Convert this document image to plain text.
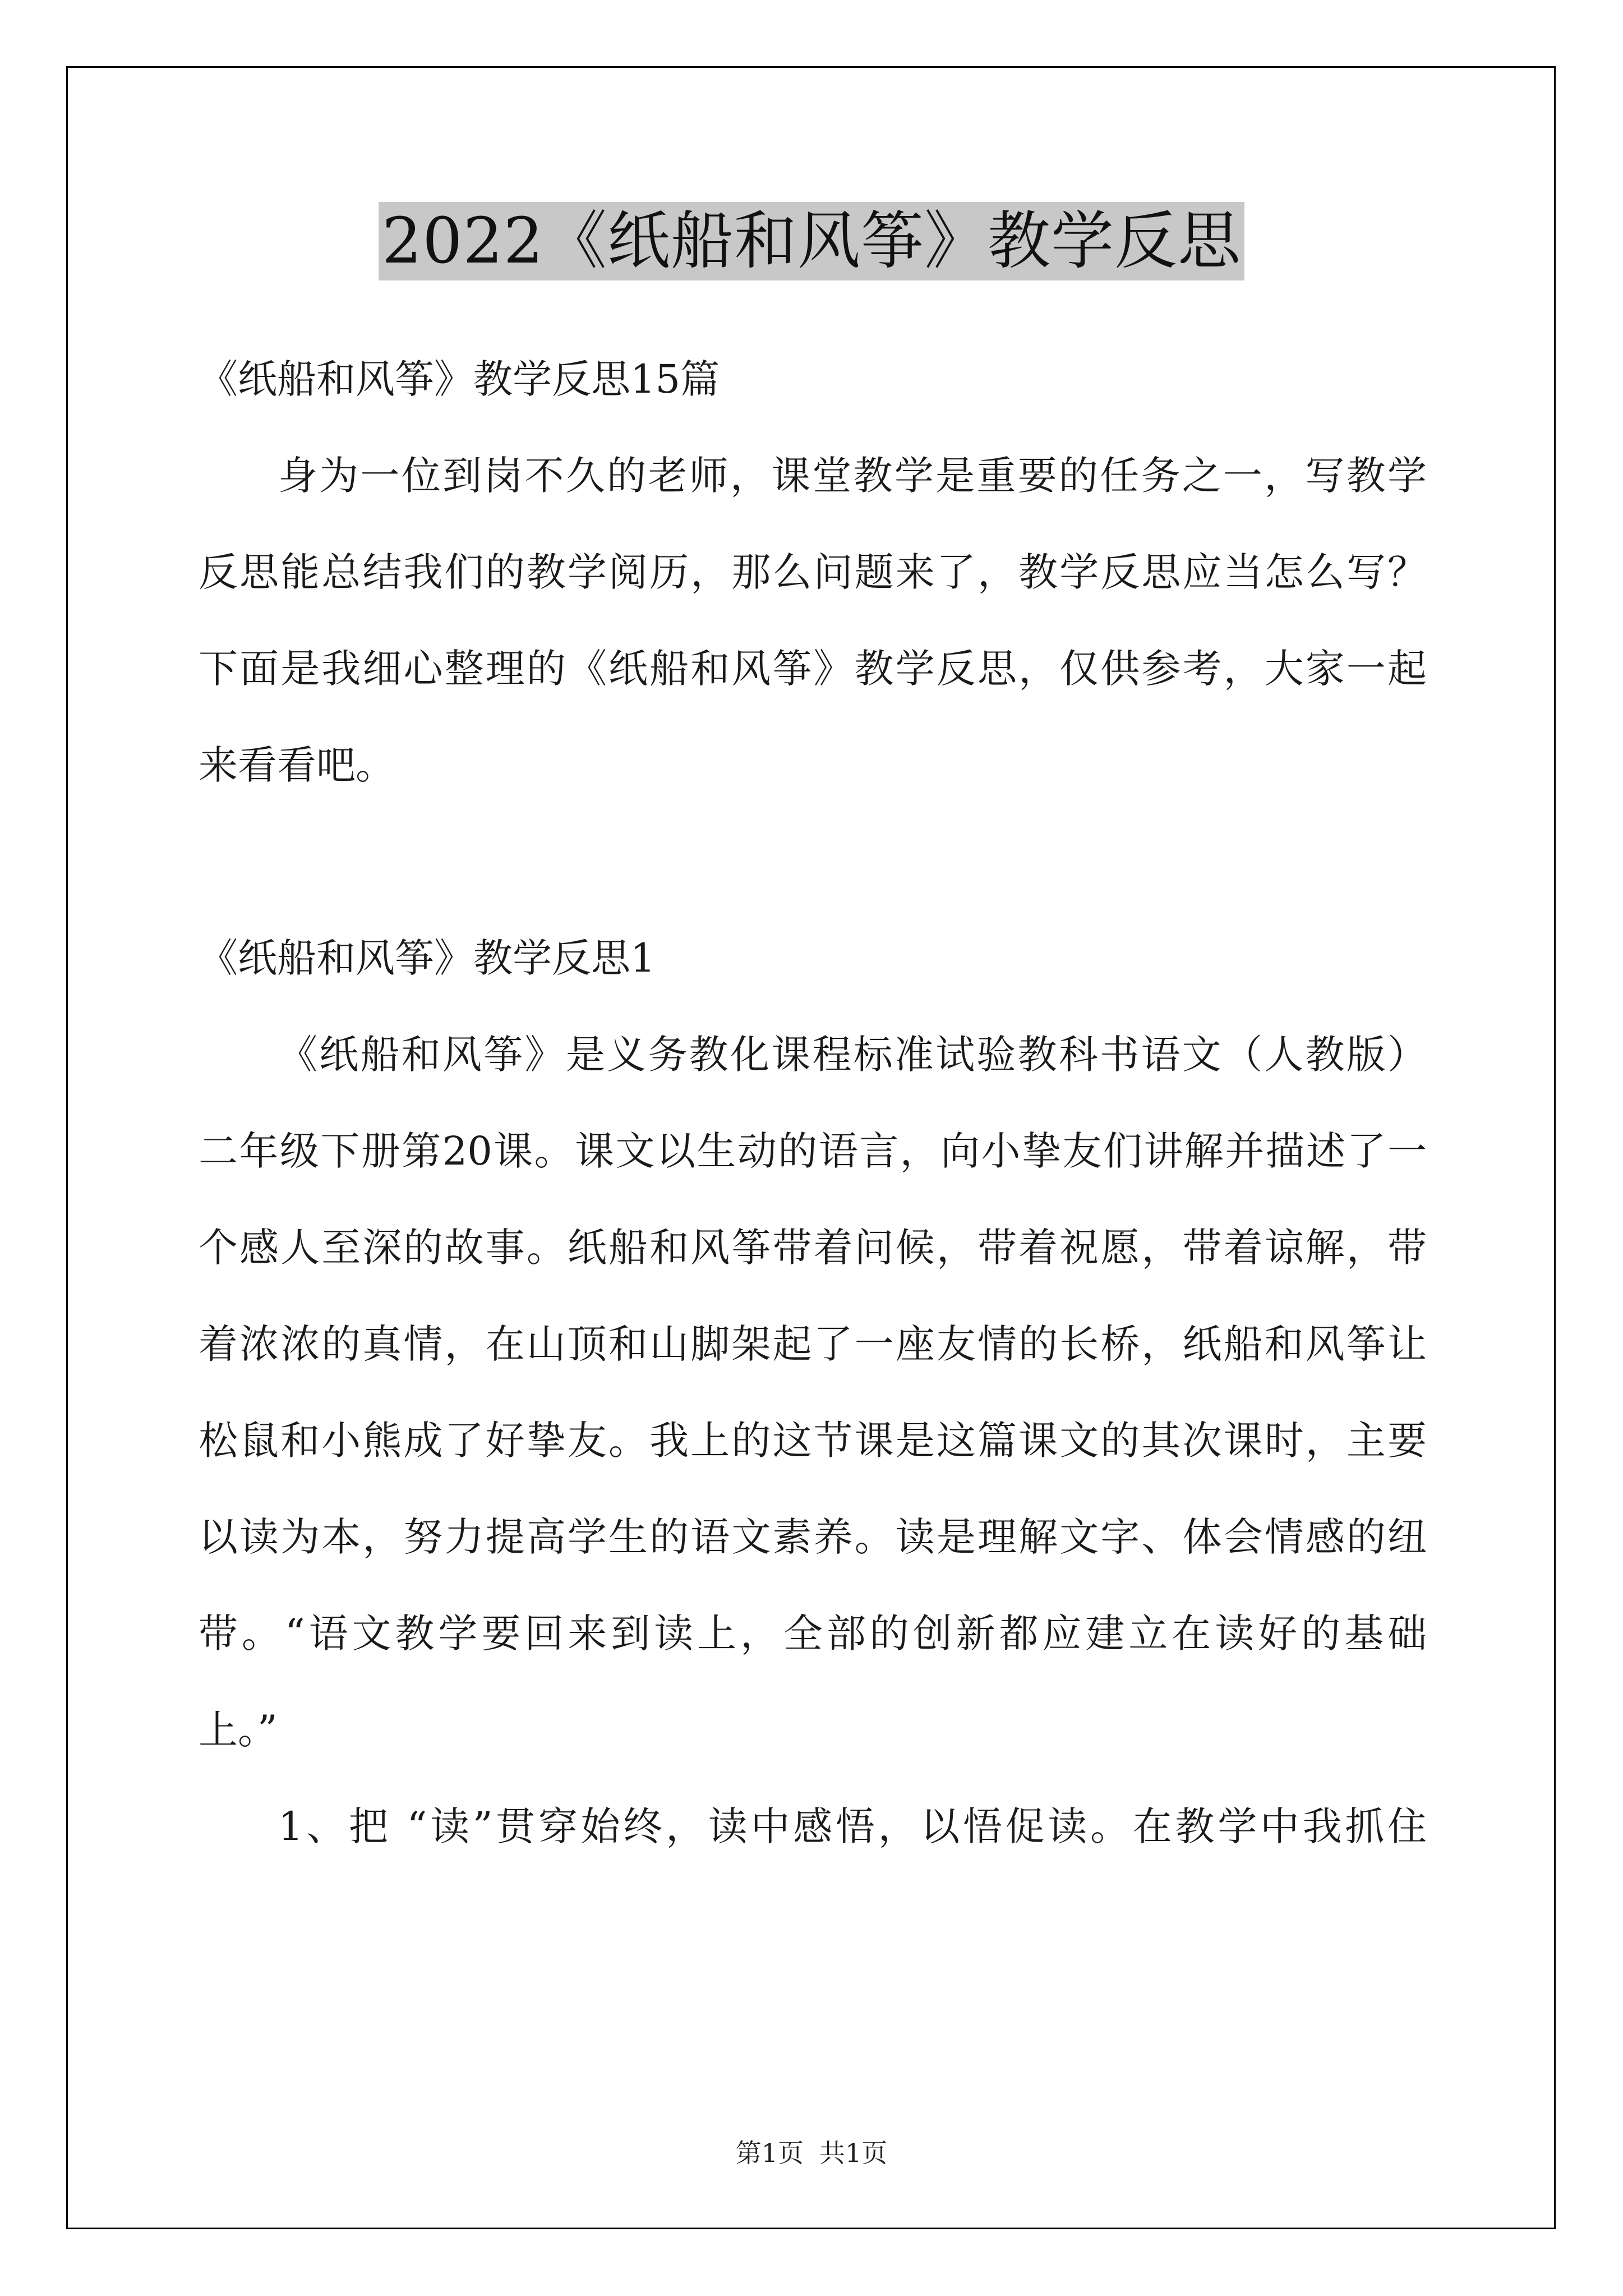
2022《纸船和风筝》教学反思
《纸船和风筝》教学反思15篇
身为一位到岗不久的老师，课堂教学是重要的任务之一，写教学
反思能总结我们的教学阅历，那么问题来了，教学反思应当怎么写？
下面是我细心整理的《纸船和风筝》教学反思，仅供参考，大家一起
来看看吧。
《纸船和风筝》教学反思1
《纸船和风筝》是义务教化课程标准试验教科书语文（人教版）
二年级下册第20课。课文以生动的语言，向小挚友们讲解并描述了一
个感人至深的故事。纸船和风筝带着问候，带着祝愿，带着谅解，带
着浓浓的真情，在山顶和山脚架起了一座友情的长桥，纸船和风筝让
松鼠和小熊成了好挚友。我上的这节课是这篇课文的其次课时，主要
以读为本，努力提高学生的语文素养。读是理解文字、体会情感的纽
带。“语文教学要回来到读上，全部的创新都应建立在读好的基础
上。”
1、把 “读”贯穿始终，读中感悟，以悟促读。在教学中我抓住
第1页 共1页
